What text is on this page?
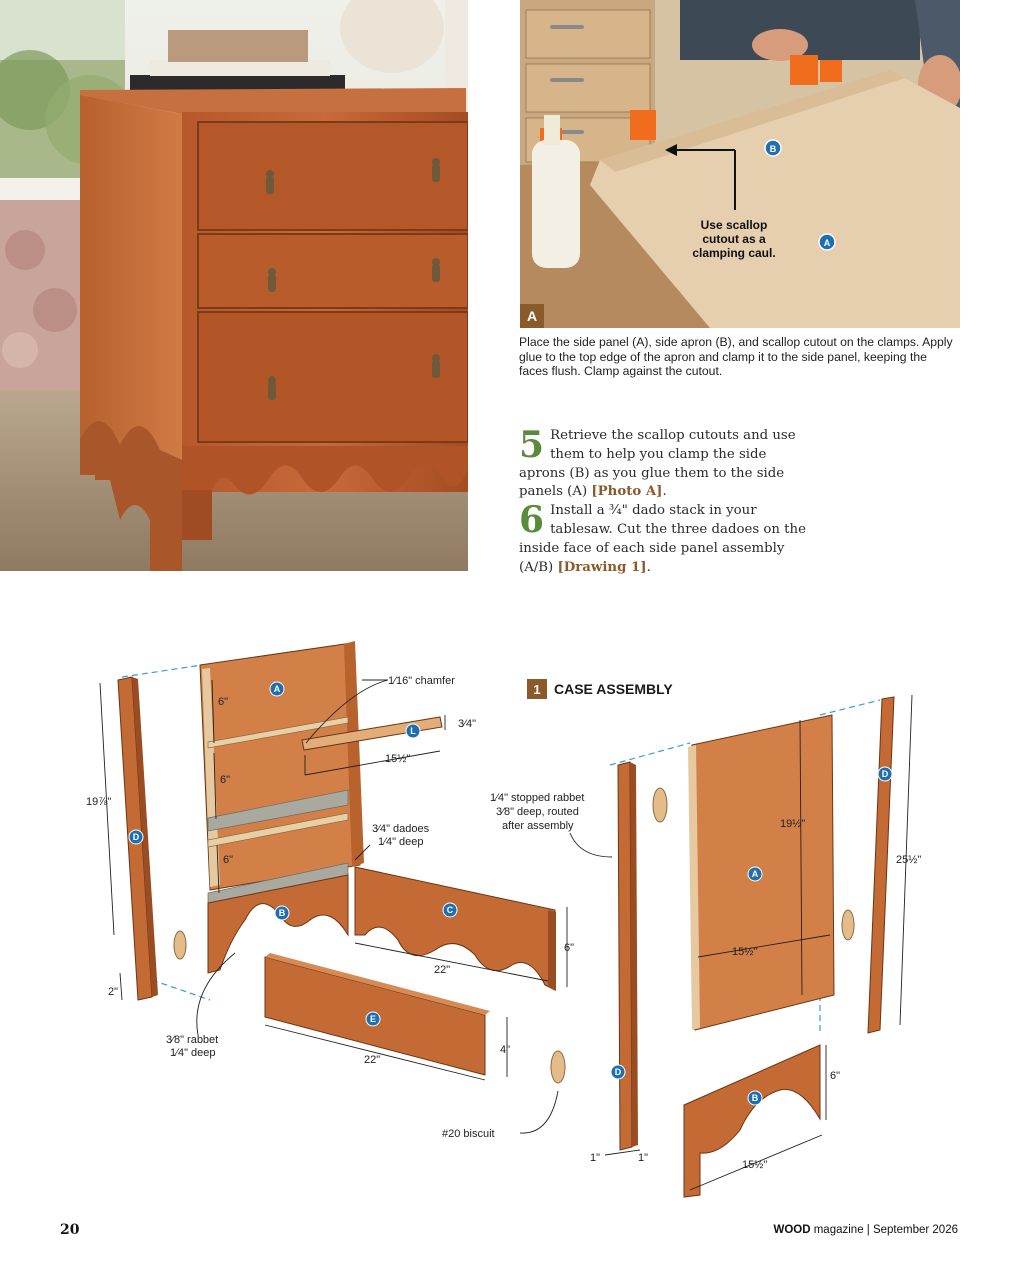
Use scallop
cutout as a
clamping caul.
B
A
A
Place the side panel (A), side apron (B), and scallop cutout on the clamps. Apply glue to the top edge of the apron and clamp it to the side panel, keeping the faces flush. Clamp against the cutout.

5 Retrieve the scallop cutouts and use them to help you clamp the side aprons (B) as you glue them to the side panels (A) [Photo A].

6 Install a ³⁄₄" dado stack in your tablesaw. Cut the three dadoes on the inside face of each side panel assembly (A/B) [Drawing 1].

1 CASE ASSEMBLY
A
B	C
D
E
L
A
B
D
D
1⁄16" chamfer
3⁄4"
15½"
6"
6"
6"
3⁄4" dadoes
1⁄4" deep
19⅞"
2"
3⁄8" rabbet
1⁄4" deep
22"
6"
22"
4"
#20 biscuit
1⁄4" stopped rabbet
3⁄8" deep, routed
after assembly	19½"
15½"
25½"
6"
15½"
1"	1"
20	WOOD magazine | September 2026
